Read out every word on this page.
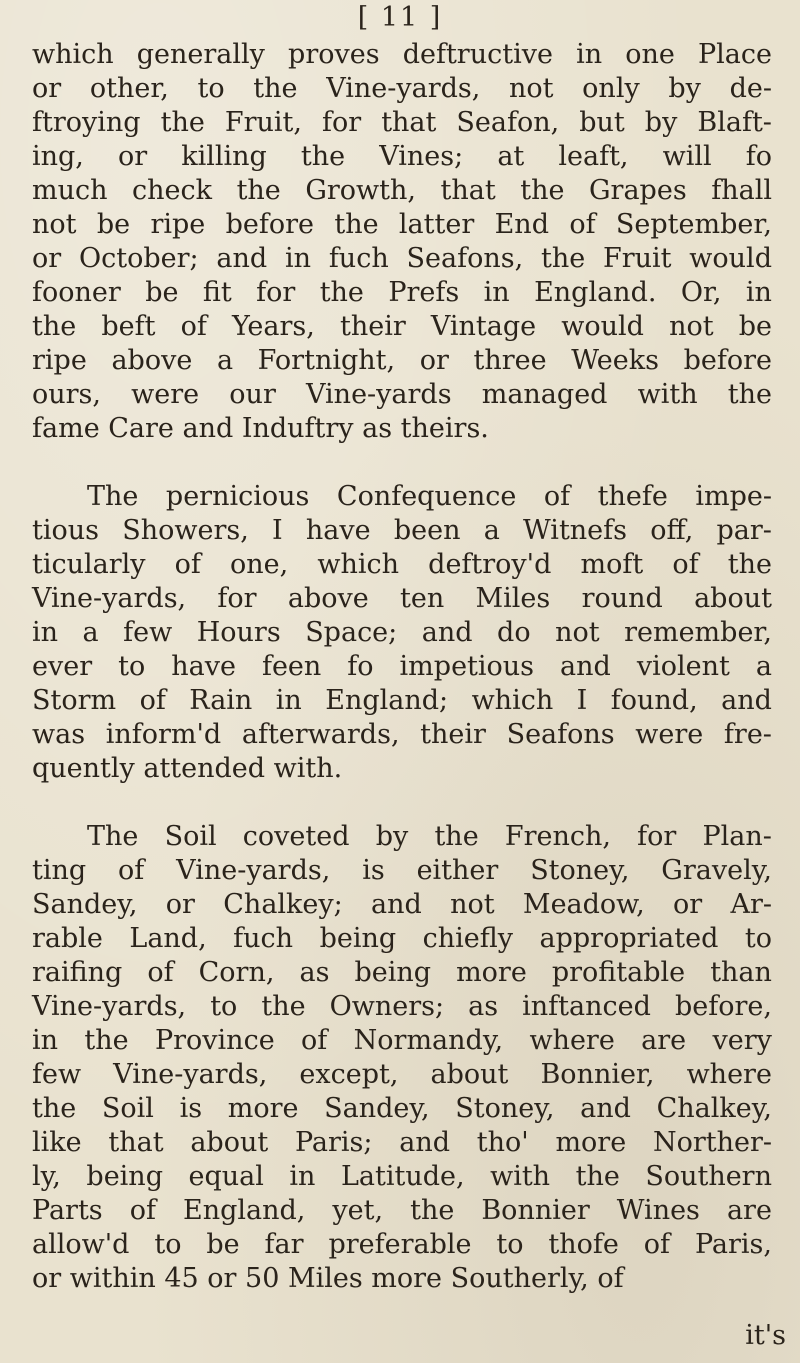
[ 11 ]
which generally proves deftructive in one Place
or other, to the Vine-yards, not only by de-
ftroying the Fruit, for that Seafon, but by Blaft-
ing, or killing the Vines; at leaft, will fo
much check the Growth, that the Grapes fhall
not be ripe before the latter End of September,
or October; and in fuch Seafons, the Fruit would
fooner be fit for the Prefs in England. Or, in
the beft of Years, their Vintage would not be
ripe above a Fortnight, or three Weeks before
ours, were our Vine-yards managed with the
fame Care and Induftry as theirs.
The pernicious Confequence of thefe impe-
tious Showers, I have been a Witnefs off, par-
ticularly of one, which deftroy'd moft of the
Vine-yards, for above ten Miles round about
in a few Hours Space; and do not remember,
ever to have feen fo impetious and violent a
Storm of Rain in England; which I found, and
was inform'd afterwards, their Seafons were fre-
quently attended with.
The Soil coveted by the French, for Plan-
ting of Vine-yards, is either Stoney, Gravely,
Sandey, or Chalkey; and not Meadow, or Ar-
rable Land, fuch being chiefly appropriated to
raifing of Corn, as being more profitable than
Vine-yards, to the Owners; as inftanced before,
in the Province of Normandy, where are very
few Vine-yards, except, about Bonnier, where
the Soil is more Sandey, Stoney, and Chalkey,
like that about Paris; and tho' more Norther-
ly, being equal in Latitude, with the Southern
Parts of England, yet, the Bonnier Wines are
allow'd to be far preferable to thofe of Paris,
or within 45 or 50 Miles more Southerly, of
it's
